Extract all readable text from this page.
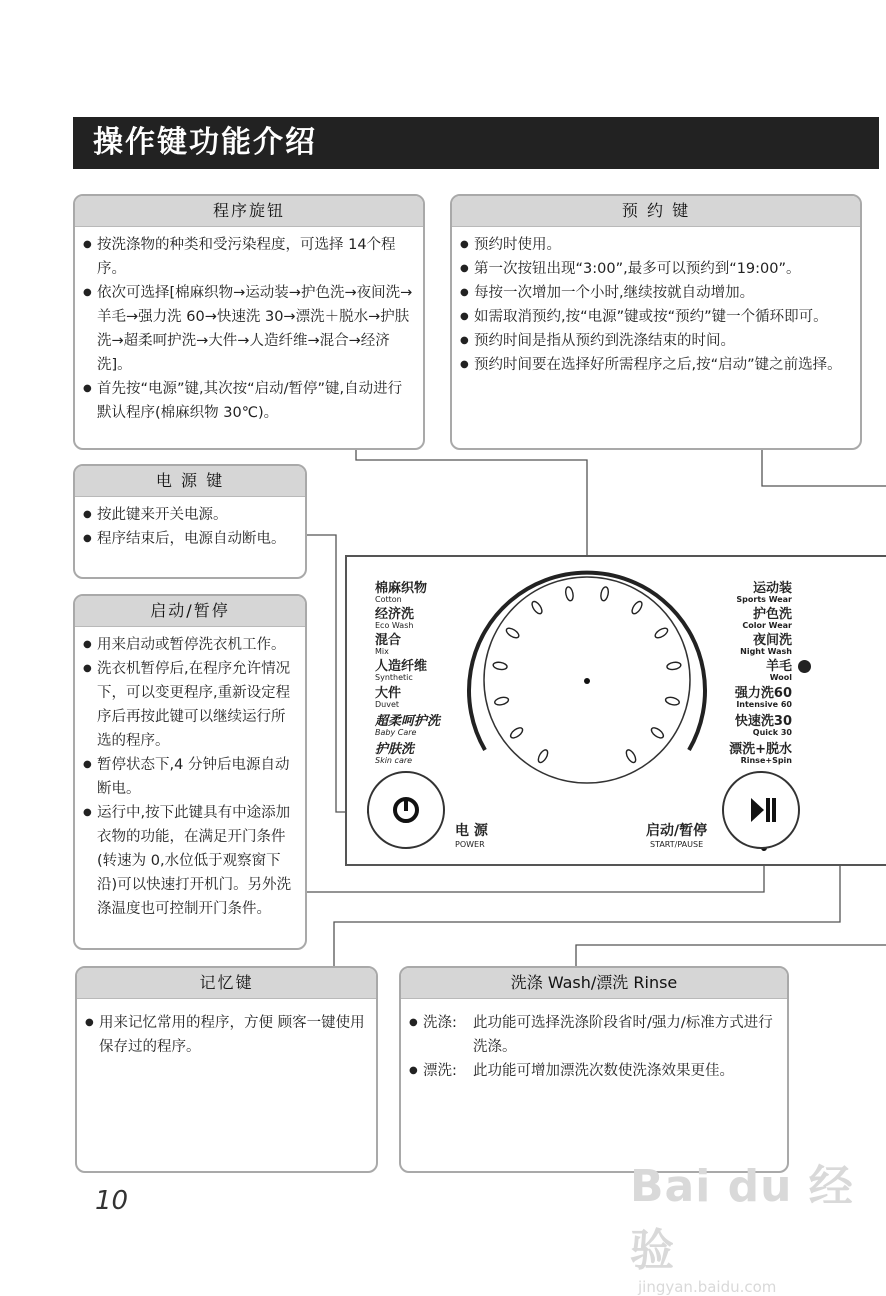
操作键功能介绍
程序旋钮
● 按洗涤物的种类和受污染程度，可选择 14个程序。
● 依次可选择[棉麻织物→运动装→护色洗→夜间洗→羊毛→强力洗 60→快速洗 30→漂洗＋脱水→护肤洗→超柔呵护洗→大件→人造纤维→混合→经济洗]。
● 首先按“电源”键,其次按“启动/暂停”键,自动进行默认程序(棉麻织物 30℃)。
预 约 键
● 预约时使用。
● 第一次按钮出现“3:00”,最多可以预约到“19:00”。
● 每按一次增加一个小时,继续按就自动增加。
● 如需取消预约,按“电源”键或按“预约”键一个循环即可。
● 预约时间是指从预约到洗涤结束的时间。
● 预约时间要在选择好所需程序之后,按“启动”键之前选择。
电 源 键
● 按此键来开关电源。
● 程序结束后，电源自动断电。
启动/暂停
● 用来启动或暂停洗衣机工作。
● 洗衣机暂停后,在程序允许情况下，可以变更程序,重新设定程序后再按此键可以继续运行所选的程序。
● 暂停状态下,4 分钟后电源自动断电。
● 运行中,按下此键具有中途添加衣物的功能，在满足开门条件(转速为 0,水位低于观察窗下沿)可以快速打开机门。另外洗涤温度也可控制开门条件。
棉麻织物
Cotton
经济洗
Eco Wash
混合
Mix
人造纤维
Synthetic
大件
Duvet
超柔呵护洗
Baby Care
护肤洗
Skin care
运动装
Sports Wear
护色洗
Color Wear
夜间洗
Night Wash
羊毛
Wool
强力洗60
Intensive 60
快速洗30
Quick 30
漂洗+脱水
Rinse+Spin
电 源
POWER
启动/暂停
START/PAUSE
记忆键
● 用来记忆常用的程序，方便 顾客一键使用保存过的程序。
洗涤 Wash/漂洗 Rinse
● 洗涤: 此功能可选择洗涤阶段省时/强力/标准方式进行洗涤。
● 漂洗: 此功能可增加漂洗次数使洗涤效果更佳。
10	Bai du 经验
jingyan.baidu.com
